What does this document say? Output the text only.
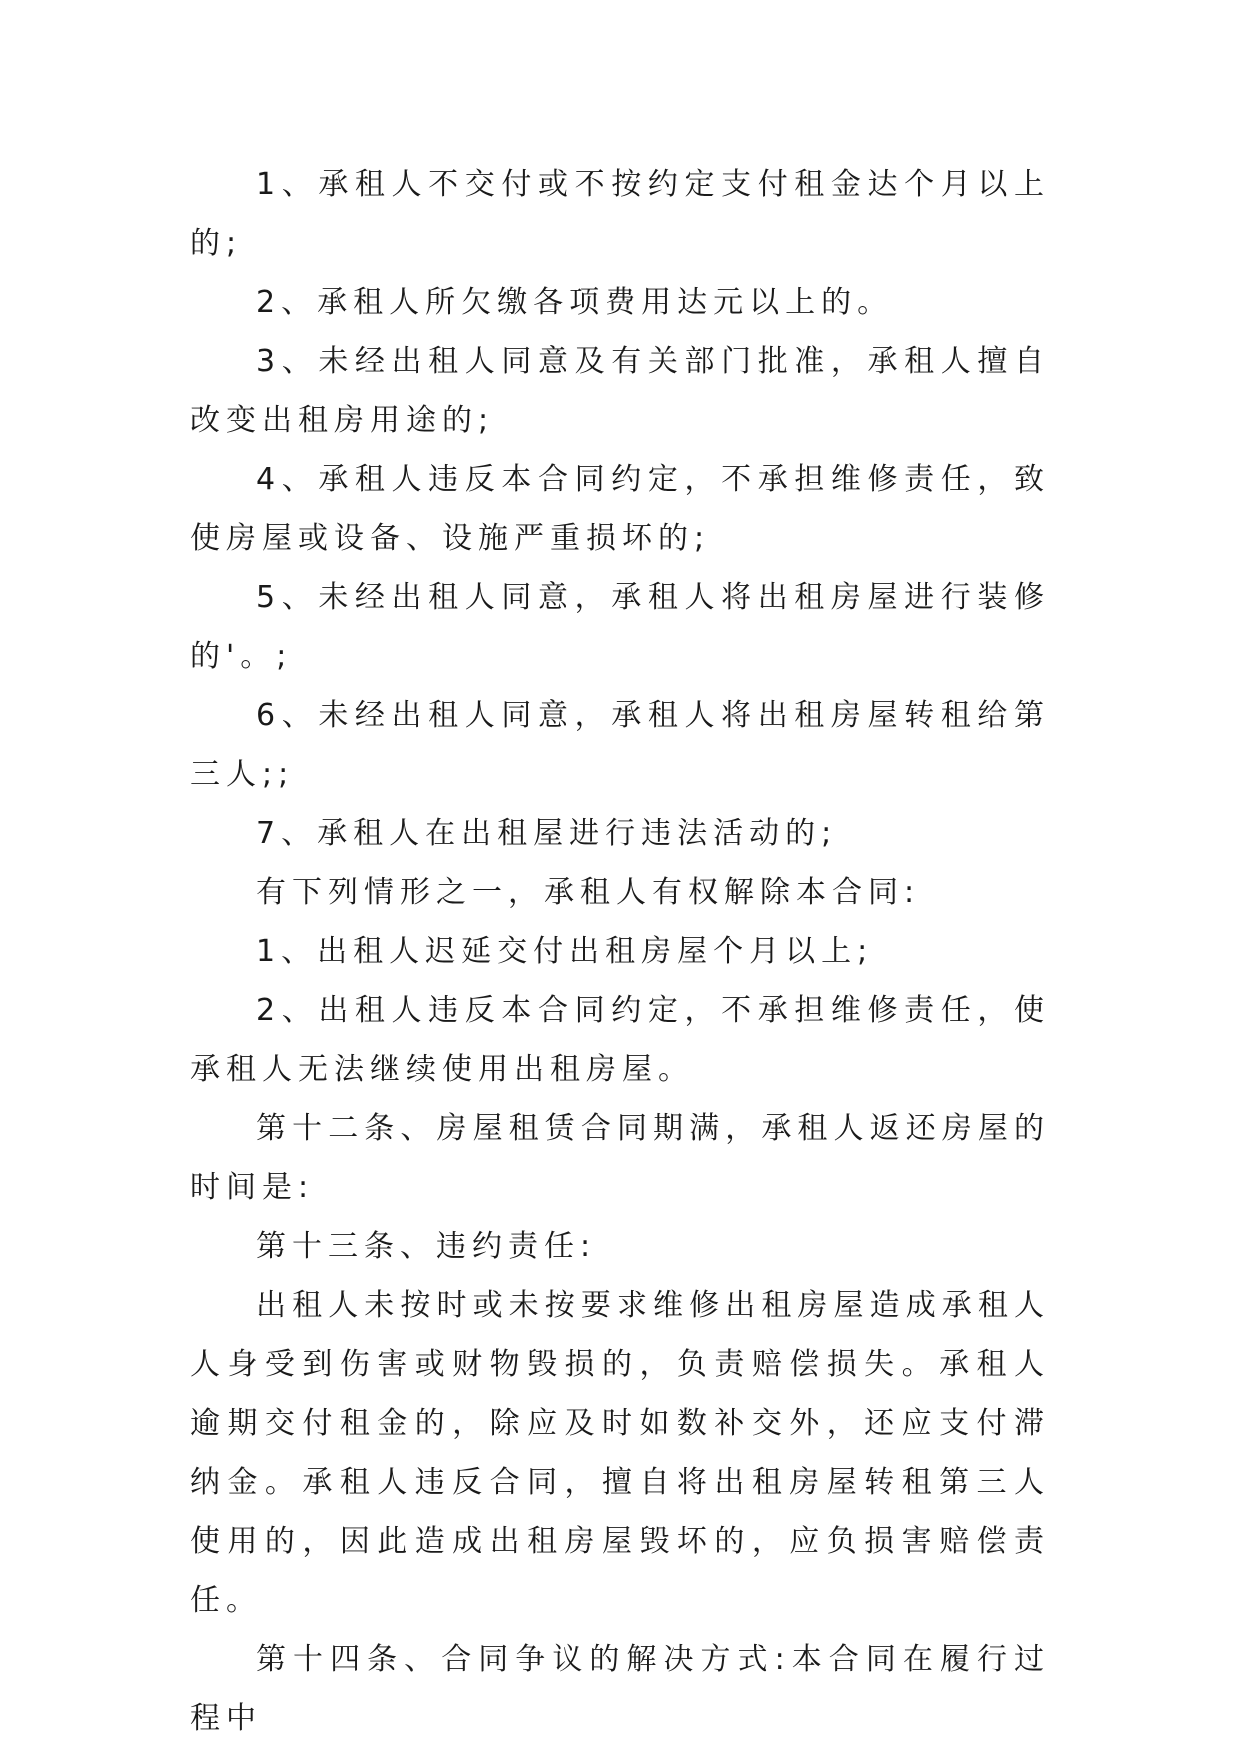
1、承租人不交付或不按约定支付租金达个月以上的;

2、承租人所欠缴各项费用达元以上的。

3、未经出租人同意及有关部门批准，承租人擅自改变出租房用途的;

4、承租人违反本合同约定，不承担维修责任，致使房屋或设备、设施严重损坏的;

5、未经出租人同意，承租人将出租房屋进行装修的'。;

6、未经出租人同意，承租人将出租房屋转租给第三人;;

7、承租人在出租屋进行违法活动的;

有下列情形之一，承租人有权解除本合同:

1、出租人迟延交付出租房屋个月以上;

2、出租人违反本合同约定，不承担维修责任，使承租人无法继续使用出租房屋。

第十二条、房屋租赁合同期满，承租人返还房屋的时间是:

第十三条、违约责任:

出租人未按时或未按要求维修出租房屋造成承租人人身受到伤害或财物毁损的，负责赔偿损失。承租人逾期交付租金的，除应及时如数补交外，还应支付滞纳金。承租人违反合同，擅自将出租房屋转租第三人使用的，因此造成出租房屋毁坏的，应负损害赔偿责任。

第十四条、合同争议的解决方式:本合同在履行过程中
